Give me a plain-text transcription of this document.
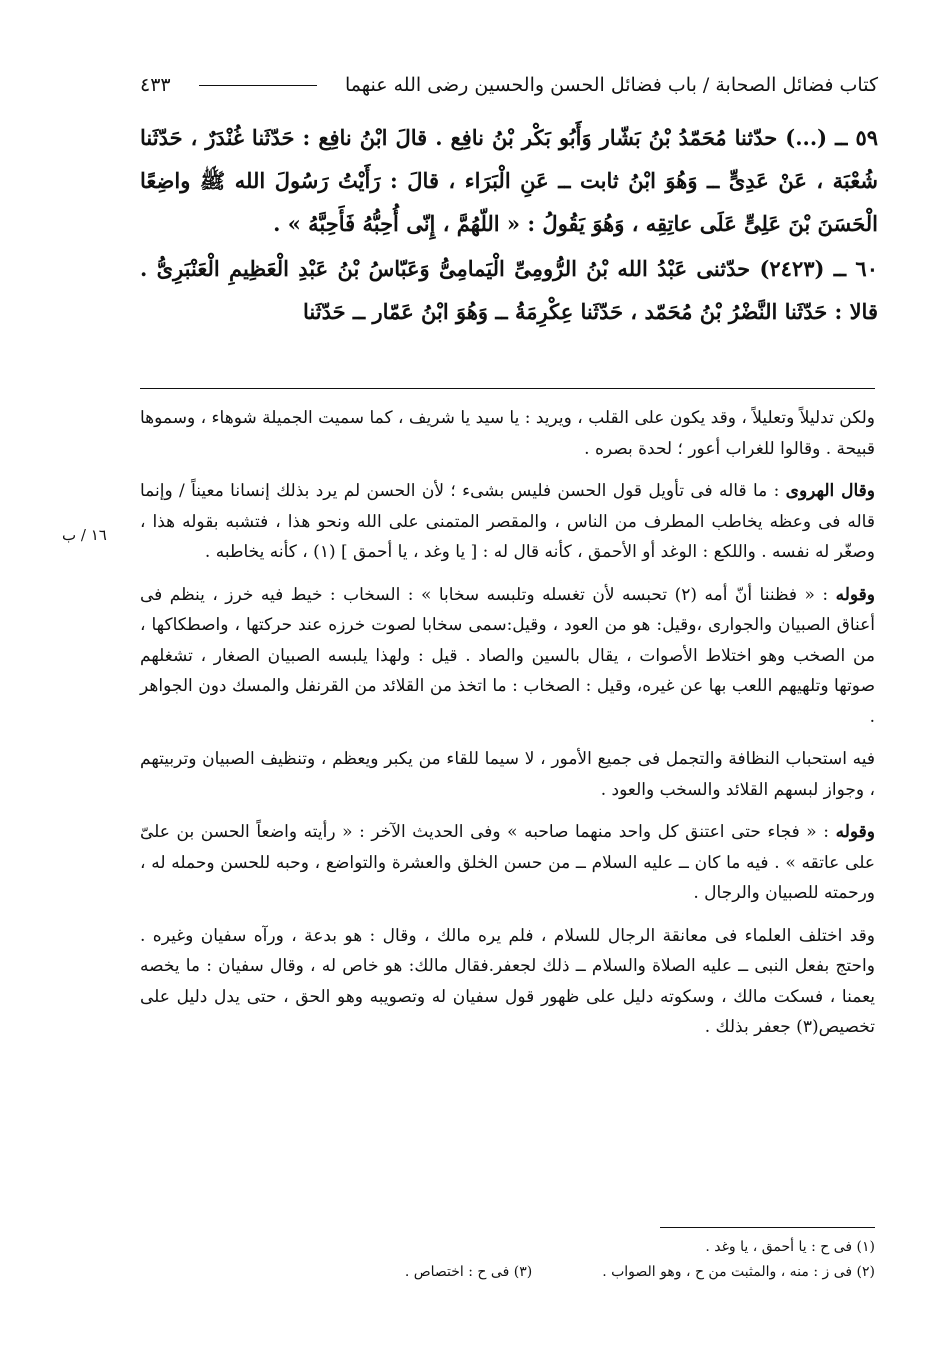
كتاب فضائل الصحابة / باب فضائل الحسن والحسين رضى الله عنهما
٤٣٣

٥٩ ــ (...) حدّثنا مُحَمّدُ بْنُ بَشّار وَأَبُو بَكْر بْنُ نافِع . قالَ ابْنُ نافِع : حَدّثَنا غُنْدَرٌ ، حَدّثَنا شُعْبَة ، عَنْ عَدِىٍّ ــ وَهُوَ ابْنُ ثابت ــ عَنِ الْبَرَاء ، قالَ : رَأَيْتُ رَسُولَ الله ﷺ واضِعًا الْحَسَنَ بْنَ عَلِىٍّ عَلَى عاتِقِه ، وَهُوَ يَقُولُ : « اللّهُمَّ ، إِنّى أُحِبُّهُ فَأَحِبَّهُ » .

٦٠ ــ (٢٤٢٣) حدّثنى عَبْدُ الله بْنُ الرُّومِىِّ الْيَمامِىُّ وَعَبّاسُ بْنُ عَبْدِ الْعَظِيمِ الْعَنْبَرِىُّ . قالا : حَدّثَنا النَّضْرُ بْنُ مُحَمّد ، حَدّثَنا عِكْرِمَةُ ــ وَهُوَ ابْنُ عَمّار ــ حَدّثَنا

ولكن تدليلاً وتعليلاً ، وقد يكون على القلب ، ويريد : يا سيد يا شريف ، كما سميت الجميلة شوهاء ، وسموها قبيحة . وقالوا للغراب أعور ؛ لحدة بصره .

وقال الهروى : ما قاله فى تأويل قول الحسن فليس بشىء ؛ لأن الحسن لم يرد بذلك إنسانا معيناً / وإنما قاله فى وعظه يخاطب المطرف من الناس ، والمقصر المتمنى على الله ونحو هذا ، فتشبه بقوله هذا ، وصغّر له نفسه . واللكع : الوغد أو الأحمق ، كأنه قال له : [ يا وغد ، يا أحمق ] (١) ، كأنه يخاطبه .

وقوله : « فظننا أنّ أمه (٢) تحبسه لأن تغسله وتلبسه سخابا » : السخاب : خيط فيه خرز ، ينظم فى أعناق الصبيان والجوارى ،وقيل: هو من العود ، وقيل:سمى سخابا لصوت خرزه عند حركتها ، واصطكاكها ، من الصخب وهو اختلاط الأصوات ، يقال بالسين والصاد . قيل : ولهذا يلبسه الصبيان الصغار ، تشغلهم صوتها وتلهيهم اللعب بها عن غيره، وقيل : الصخاب : ما اتخذ من القلائد من القرنفل والمسك دون الجواهر .

فيه استحباب النظافة والتجمل فى جميع الأمور ، لا سيما للقاء من يكبر ويعظم ، وتنظيف الصبيان وتربيتهم ، وجواز لبسهم القلائد والسخب والعود .

وقوله : « فجاء حتى اعتنق كل واحد منهما صاحبه » وفى الحديث الآخر : « رأيته واضعاً الحسن بن علىّ على عاتقه » . فيه ما كان ــ عليه السلام ــ من حسن الخلق والعشرة والتواضع ، وحبه للحسن وحمله له ، ورحمته للصبيان والرجال .

وقد اختلف العلماء فى معانقة الرجال للسلام ، فلم يره مالك ، وقال : هو بدعة ، ورآه سفيان وغيره . واحتج بفعل النبى ــ عليه الصلاة والسلام ــ ذلك لجعفر.فقال مالك: هو خاص له ، وقال سفيان : ما يخصه يعمنا ، فسكت مالك ، وسكوته دليل على ظهور قول سفيان له وتصويبه وهو الحق ، حتى يدل دليل على تخصيص(٣) جعفر بذلك .

١٦ / ب
(١) فى ح : يا أحمق ، يا وغد .
(٢) فى ز : منه ، والمثبت من ح ، وهو الصواب .
(٣) فى ح : اختصاص .
